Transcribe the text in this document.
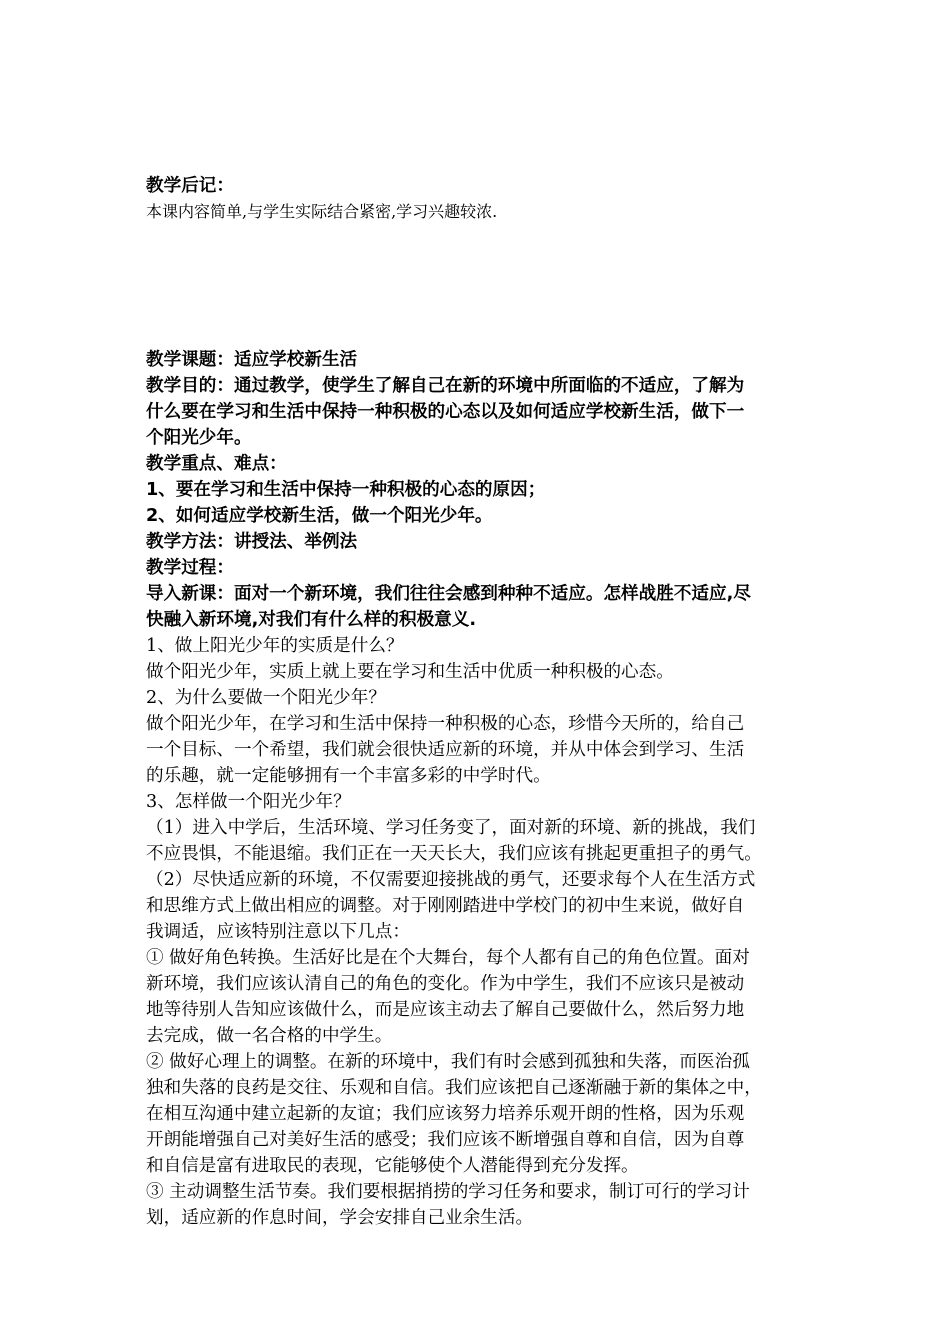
教学后记：
本课内容简单,与学生实际结合紧密,学习兴趣较浓.
教学课题：适应学校新生活
教学目的：通过教学，使学生了解自己在新的环境中所面临的不适应，了解为
什么要在学习和生活中保持一种积极的心态以及如何适应学校新生活，做下一
个阳光少年。
教学重点、难点：
1、要在学习和生活中保持一种积极的心态的原因；
2、如何适应学校新生活，做一个阳光少年。
教学方法：讲授法、举例法
教学过程：
导入新课：面对一个新环境，我们往往会感到种种不适应。怎样战胜不适应,尽
快融入新环境,对我们有什么样的积极意义.
1、做上阳光少年的实质是什么？
做个阳光少年，实质上就上要在学习和生活中优质一种积极的心态。
2、为什么要做一个阳光少年？
做个阳光少年，在学习和生活中保持一种积极的心态，珍惜今天所的，给自己
一个目标、一个希望，我们就会很快适应新的环境，并从中体会到学习、生活
的乐趣，就一定能够拥有一个丰富多彩的中学时代。
3、怎样做一个阳光少年？
（1）进入中学后，生活环境、学习任务变了，面对新的环境、新的挑战，我们
不应畏惧，不能退缩。我们正在一天天长大，我们应该有挑起更重担子的勇气。
（2）尽快适应新的环境，不仅需要迎接挑战的勇气，还要求每个人在生活方式
和思维方式上做出相应的调整。对于刚刚踏进中学校门的初中生来说，做好自
我调适，应该特别注意以下几点：
① 做好角色转换。生活好比是在个大舞台，每个人都有自己的角色位置。面对
新环境，我们应该认清自己的角色的变化。作为中学生，我们不应该只是被动
地等待别人告知应该做什么，而是应该主动去了解自己要做什么，然后努力地
去完成，做一名合格的中学生。
② 做好心理上的调整。在新的环境中，我们有时会感到孤独和失落，而医治孤
独和失落的良药是交往、乐观和自信。我们应该把自己逐渐融于新的集体之中，
在相互沟通中建立起新的友谊；我们应该努力培养乐观开朗的性格，因为乐观
开朗能增强自己对美好生活的感受；我们应该不断增强自尊和自信，因为自尊
和自信是富有进取民的表现，它能够使个人潜能得到充分发挥。
③ 主动调整生活节奏。我们要根据捎捞的学习任务和要求，制订可行的学习计
划，适应新的作息时间，学会安排自己业余生活。
